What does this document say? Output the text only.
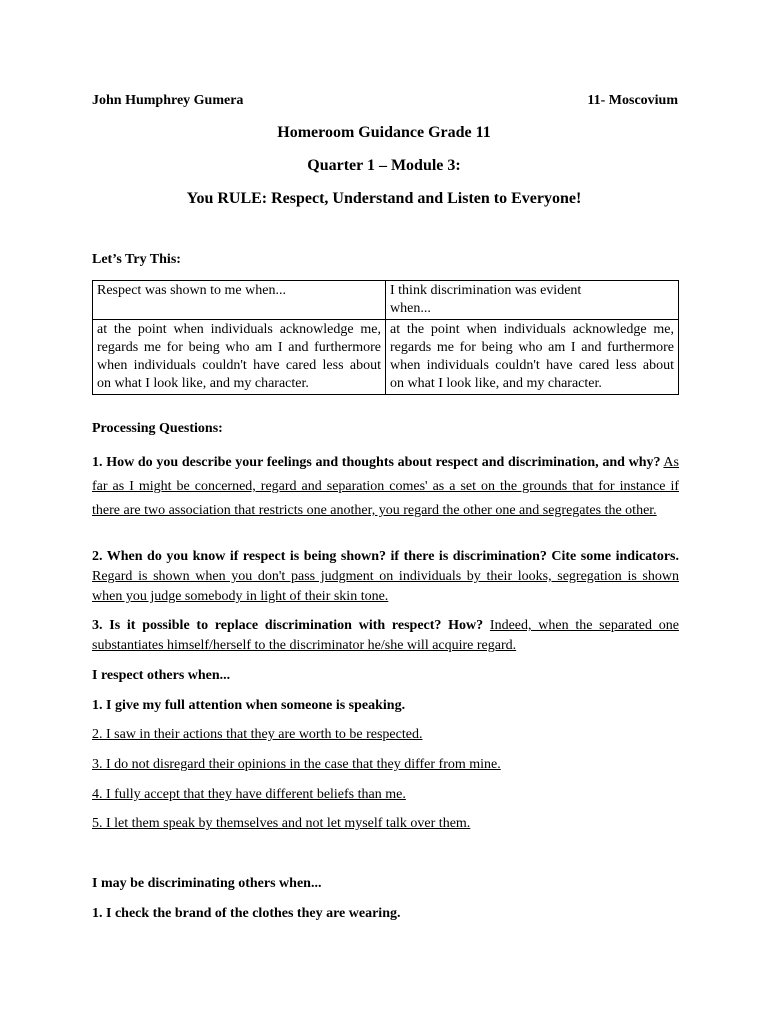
John Humphrey Gumera	11- Moscovium
Homeroom Guidance Grade 11
Quarter 1 – Module 3:
You RULE: Respect, Understand and Listen to Everyone!
Let’s Try This:
Respect was shown to me when...	I think discrimination was evident
when...

at the point when individuals acknowledge me, regards me for being who am I and furthermore when individuals couldn't have cared less about on what I look like, and my character.	at the point when individuals acknowledge me, regards me for being who am I and furthermore when individuals couldn't have cared less about on what I look like, and my character.
Processing Questions:
1. How do you describe your feelings and thoughts about respect and discrimination, and why? As far as I might be concerned, regard and separation comes' as a set on the grounds that for instance if there are two association that restricts one another, you regard the other one and segregates the other.
2. When do you know if respect is being shown? if there is discrimination? Cite some indicators. Regard is shown when you don't pass judgment on individuals by their looks, segregation is shown when you judge somebody in light of their skin tone.
3. Is it possible to replace discrimination with respect? How? Indeed, when the separated one substantiates himself/herself to the discriminator he/she will acquire regard.
I respect others when...
1. I give my full attention when someone is speaking.
2. I saw in their actions that they are worth to be respected.
3. I do not disregard their opinions in the case that they differ from mine.
4. I fully accept that they have different beliefs than me.
5. I let them speak by themselves and not let myself talk over them.
I may be discriminating others when...
1. I check the brand of the clothes they are wearing.
